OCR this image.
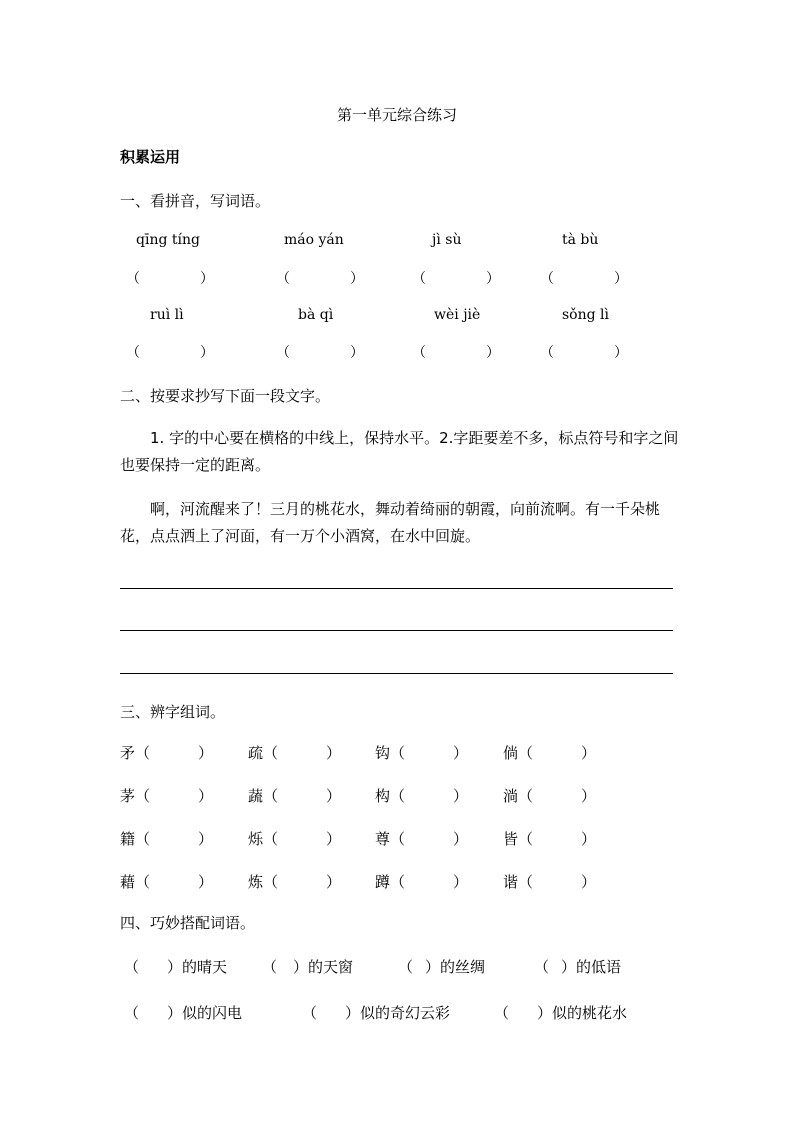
第一单元综合练习
积累运用
一、看拼音，写词语。
qīng tíng	máo yán	jì sù	tà bù
（	）	（	）	（	）	（	）
ruì lì	bà qì	wèi jiè	sǒng lì
（	）	（	）	（	）	（	）
二、按要求抄写下面一段文字。
1. 字的中心要在横格的中线上，保持水平。2.字距要差不多，标点符号和字之间也要保持一定的距离。
啊，河流醒来了！三月的桃花水，舞动着绮丽的朝霞，向前流啊。有一千朵桃花，点点洒上了河面，有一万个小酒窝，在水中回旋。
三、辨字组词。
矛（	） 疏（	） 钩（	） 倘（	）
茅（	） 蔬（	） 构（	） 淌（	）
籍（	） 烁（	） 尊（	） 皆（	）
藉（	） 炼（	） 蹲（	） 谐（	）
四、巧妙搭配词语。
（ ）的晴天 （ ）的天窗	（ ）的丝绸	（ ）的低语
（ ）似的闪电	（ ）似的奇幻云彩	（ ）似的桃花水
